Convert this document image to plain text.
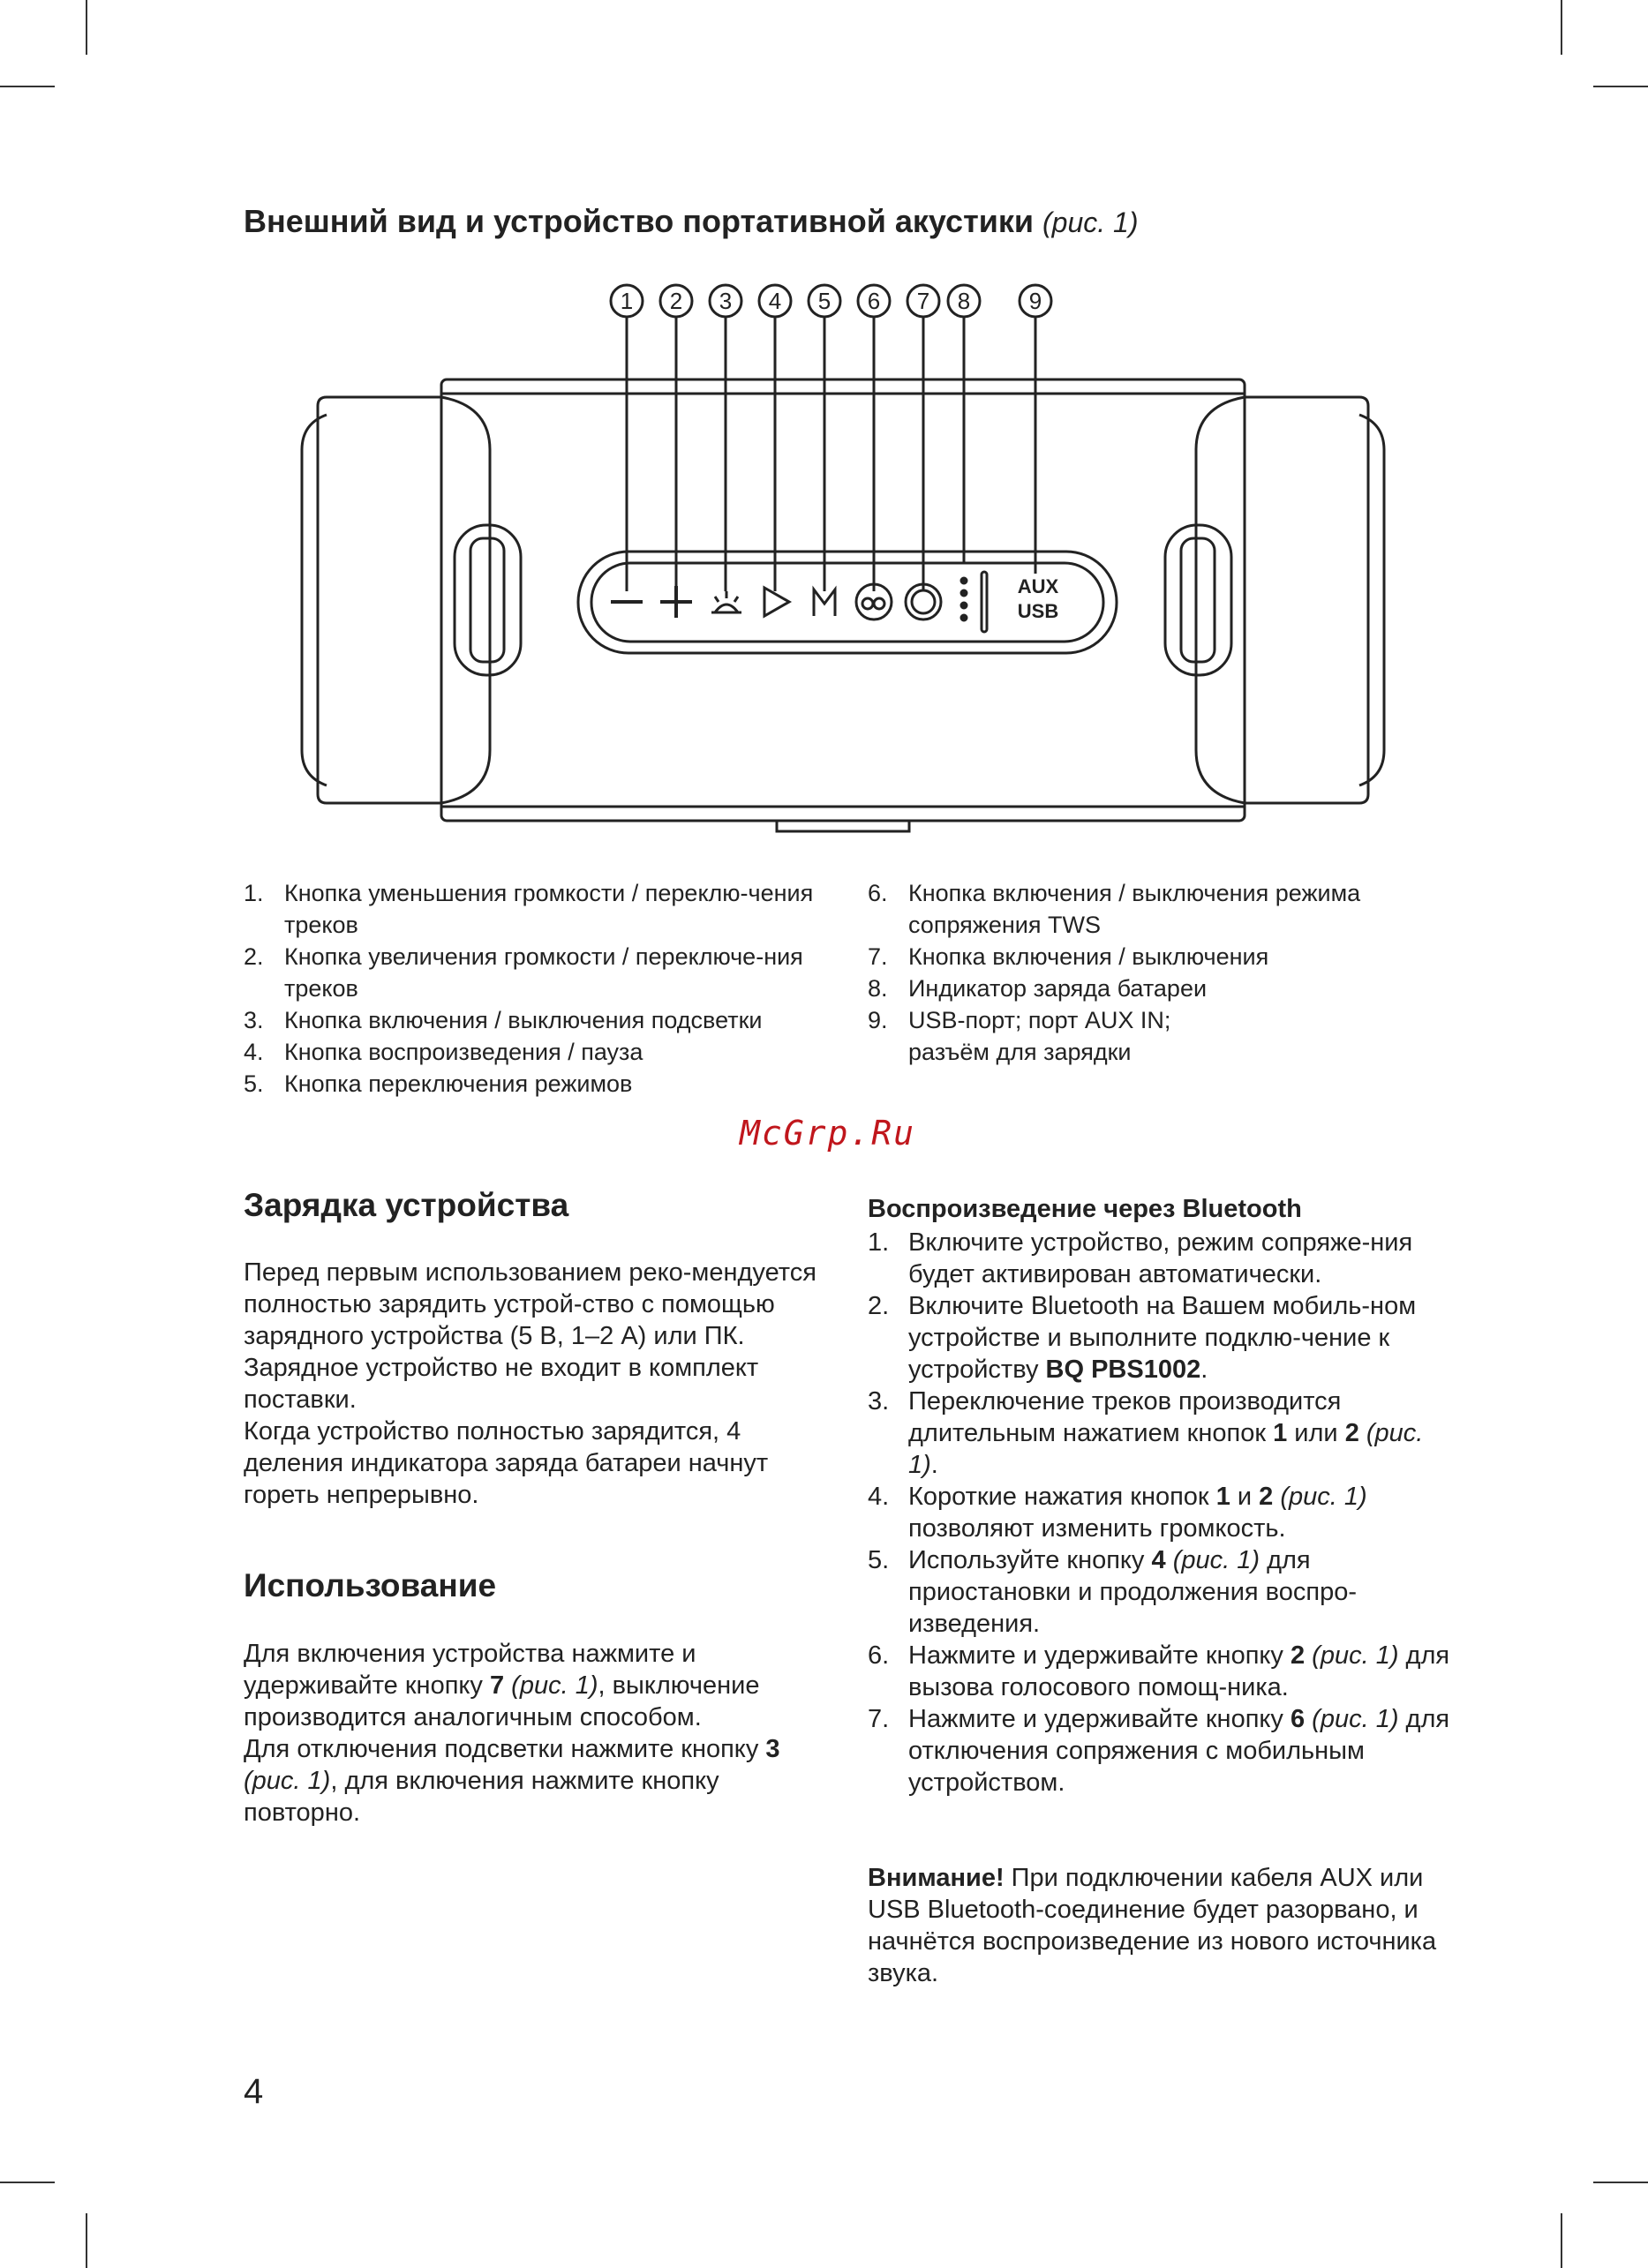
Внешний вид и устройство портативной акустики (рис. 1)
1 2 3 4 5 6 7 8	9
AUX
USB
1. Кнопка уменьшения громкости / переклю-чения треков
2. Кнопка увеличения громкости / переключе-ния треков
3. Кнопка включения / выключения подсветки
4. Кнопка воспроизведения / пауза
5. Кнопка переключения режимов
6. Кнопка включения / выключения режима сопряжения TWS
7. Кнопка включения / выключения
8. Индикатор заряда батареи
9. USB-порт; порт AUX IN;
разъём для зарядки
McGrp.Ru
Зарядка устройства

Перед первым использованием реко-мендуется полностью зарядить устрой-ство с помощью зарядного устройства (5 В, 1–2 А) или ПК. Зарядное устройство не входит в комплект поставки.
Когда устройство полностью зарядится, 4 деления индикатора заряда батареи начнут гореть непрерывно.

Использование

Для включения устройства нажмите и удерживайте кнопку 7 (рис. 1), выключение производится аналогичным способом.
Для отключения подсветки нажмите кнопку 3 (рис. 1), для включения нажмите кнопку повторно.

Воспроизведение через Bluetooth
1. Включите устройство, режим сопряже-ния будет активирован автоматически.
2. Включите Bluetooth на Вашем мобиль-ном устройстве и выполните подклю-чение к устройству BQ PBS1002.
3. Переключение треков производится длительным нажатием кнопок 1 или 2 (рис. 1).
4. Короткие нажатия кнопок 1 и 2 (рис. 1) позволяют изменить громкость.
5. Используйте кнопку 4 (рис. 1) для приостановки и продолжения воспро-изведения.
6. Нажмите и удерживайте кнопку 2 (рис. 1) для вызова голосового помощ-ника.
7. Нажмите и удерживайте кнопку 6 (рис. 1) для отключения сопряжения с мобильным устройством.

Внимание! При подключении кабеля AUX или USB Bluetooth-соединение будет разорвано, и начнётся воспроизведение из нового источника звука.

4
